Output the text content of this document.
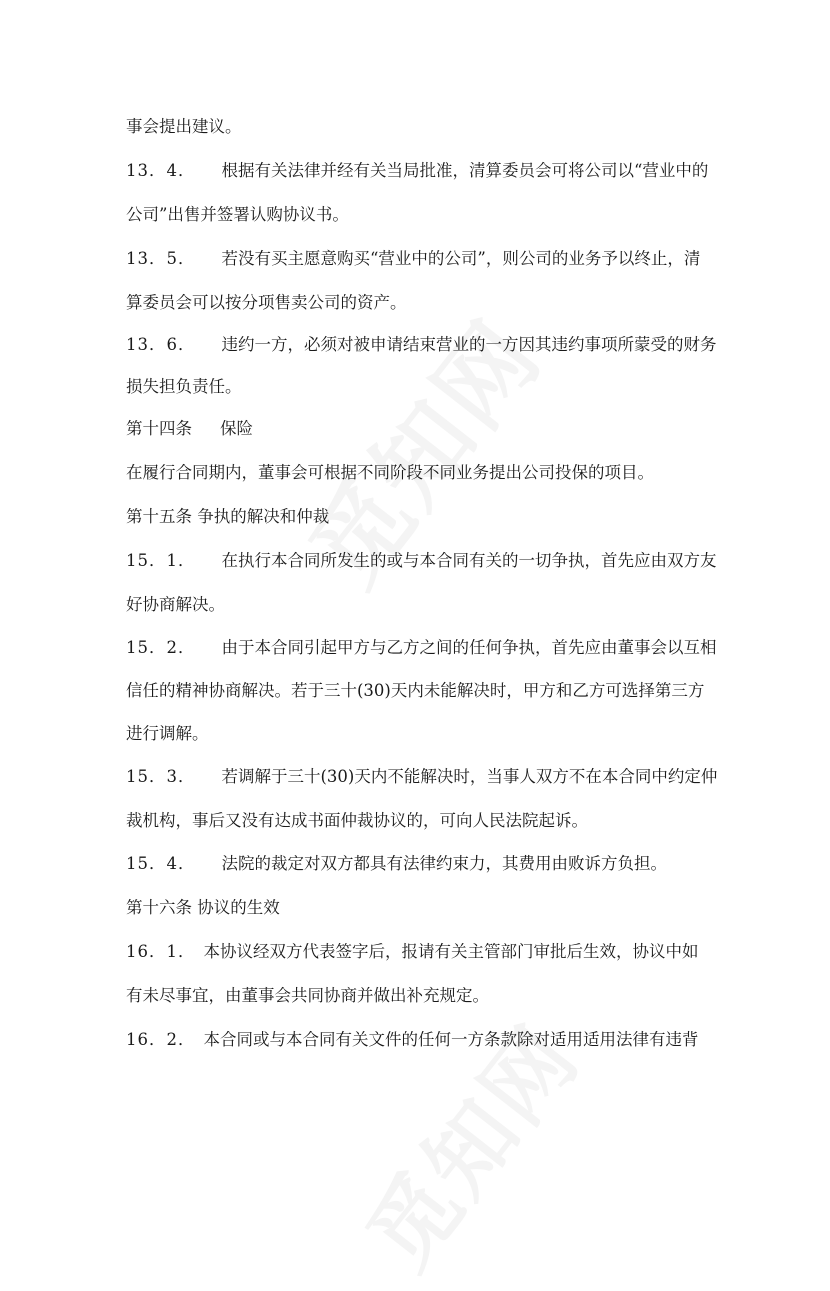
事会提出建议。
13．4． 根据有关法律并经有关当局批准，清算委员会可将公司以“营业中的
公司”出售并签署认购协议书。
13．5． 若没有买主愿意购买“营业中的公司”，则公司的业务予以终止，清
算委员会可以按分项售卖公司的资产。
13．6． 违约一方，必须对被申请结束营业的一方因其违约事项所蒙受的财务
损失担负责任。
第十四条 保险
在履行合同期内，董事会可根据不同阶段不同业务提出公司投保的项目。
第十五条 争执的解决和仲裁
15．1． 在执行本合同所发生的或与本合同有关的一切争执，首先应由双方友
好协商解决。
15．2． 由于本合同引起甲方与乙方之间的任何争执，首先应由董事会以互相
信任的精神协商解决。若于三十(30)天内未能解决时，甲方和乙方可选择第三方
进行调解。
15．3． 若调解于三十(30)天内不能解决时，当事人双方不在本合同中约定仲
裁机构，事后又没有达成书面仲裁协议的，可向人民法院起诉。
15．4． 法院的裁定对双方都具有法律约束力，其费用由败诉方负担。
第十六条 协议的生效
16．1． 本协议经双方代表签字后，报请有关主管部门审批后生效，协议中如
有未尽事宜，由董事会共同协商并做出补充规定。
16．2． 本合同或与本合同有关文件的任何一方条款除对适用适用法律有违背
